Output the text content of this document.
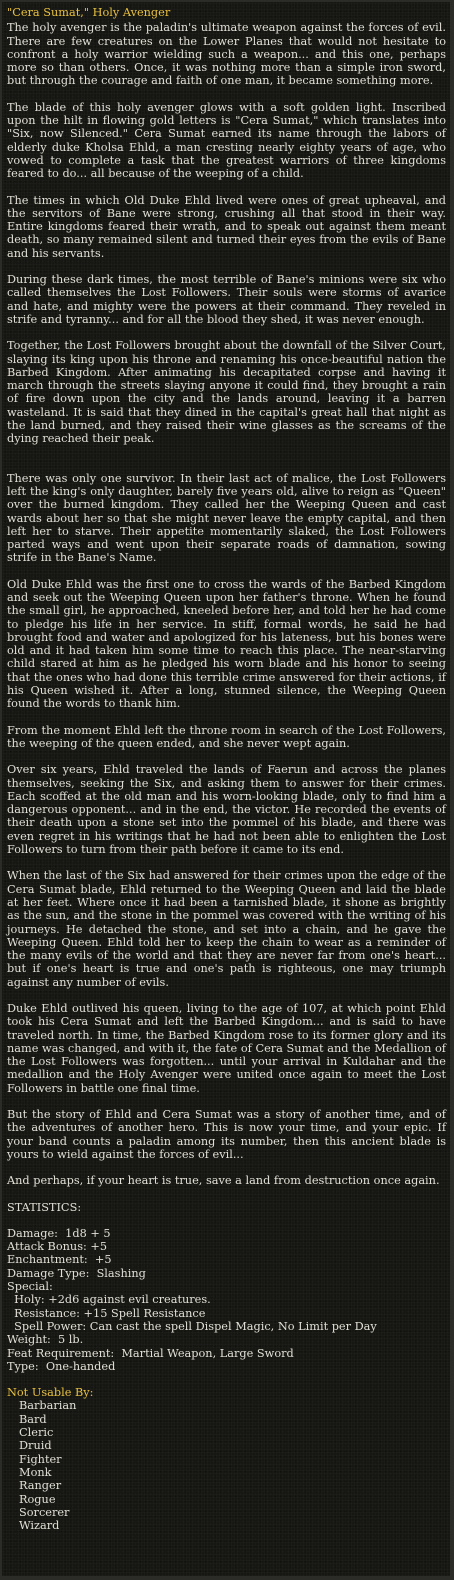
"Cera Sumat," Holy Avenger

The holy avenger is the paladin's ultimate weapon against the forces of evil. There are few creatures on the Lower Planes that would not hesitate to confront a holy warrior wielding such a weapon... and this one, perhaps more so than others. Once, it was nothing more than a simple iron sword, but through the courage and faith of one man, it became something more.

The blade of this holy avenger glows with a soft golden light. Inscribed upon the hilt in flowing gold letters is "Cera Sumat," which translates into "Six, now Silenced." Cera Sumat earned its name through the labors of elderly duke Kholsa Ehld, a man cresting nearly eighty years of age, who vowed to complete a task that the greatest warriors of three kingdoms feared to do... all because of the weeping of a child.

The times in which Old Duke Ehld lived were ones of great upheaval, and the servitors of Bane were strong, crushing all that stood in their way. Entire kingdoms feared their wrath, and to speak out against them meant death, so many remained silent and turned their eyes from the evils of Bane and his servants.

During these dark times, the most terrible of Bane's minions were six who called themselves the Lost Followers. Their souls were storms of avarice and hate, and mighty were the powers at their command. They reveled in strife and tyranny... and for all the blood they shed, it was never enough.

Together, the Lost Followers brought about the downfall of the Silver Court, slaying its king upon his throne and renaming his once-beautiful nation the Barbed Kingdom. After animating his decapitated corpse and having it march through the streets slaying anyone it could find, they brought a rain of fire down upon the city and the lands around, leaving it a barren wasteland. It is said that they dined in the capital's great hall that night as the land burned, and they raised their wine glasses as the screams of the dying reached their peak.

There was only one survivor. In their last act of malice, the Lost Followers left the king's only daughter, barely five years old, alive to reign as "Queen" over the burned kingdom. They called her the Weeping Queen and cast wards about her so that she might never leave the empty capital, and then left her to starve. Their appetite momentarily slaked, the Lost Followers parted ways and went upon their separate roads of damnation, sowing strife in the Bane's Name.

Old Duke Ehld was the first one to cross the wards of the Barbed Kingdom and seek out the Weeping Queen upon her father's throne. When he found the small girl, he approached, kneeled before her, and told her he had come to pledge his life in her service. In stiff, formal words, he said he had brought food and water and apologized for his lateness, but his bones were old and it had taken him some time to reach this place. The near-starving child stared at him as he pledged his worn blade and his honor to seeing that the ones who had done this terrible crime answered for their actions, if his Queen wished it. After a long, stunned silence, the Weeping Queen found the words to thank him.

From the moment Ehld left the throne room in search of the Lost Followers, the weeping of the queen ended, and she never wept again.

Over six years, Ehld traveled the lands of Faerun and across the planes themselves, seeking the Six, and asking them to answer for their crimes. Each scoffed at the old man and his worn-looking blade, only to find him a dangerous opponent... and in the end, the victor. He recorded the events of their death upon a stone set into the pommel of his blade, and there was even regret in his writings that he had not been able to enlighten the Lost Followers to turn from their path before it came to its end.

When the last of the Six had answered for their crimes upon the edge of the Cera Sumat blade, Ehld returned to the Weeping Queen and laid the blade at her feet. Where once it had been a tarnished blade, it shone as brightly as the sun, and the stone in the pommel was covered with the writing of his journeys. He detached the stone, and set into a chain, and he gave the Weeping Queen. Ehld told her to keep the chain to wear as a reminder of the many evils of the world and that they are never far from one's heart... but if one's heart is true and one's path is righteous, one may triumph against any number of evils.

Duke Ehld outlived his queen, living to the age of 107, at which point Ehld took his Cera Sumat and left the Barbed Kingdom... and is said to have traveled north. In time, the Barbed Kingdom rose to its former glory and its name was changed, and with it, the fate of Cera Sumat and the Medallion of the Lost Followers was forgotten... until your arrival in Kuldahar and the medallion and the Holy Avenger were united once again to meet the Lost Followers in battle one final time.

But the story of Ehld and Cera Sumat was a story of another time, and of the adventures of another hero. This is now your time, and your epic. If your band counts a paladin among its number, then this ancient blade is yours to wield against the forces of evil...

And perhaps, if your heart is true, save a land from destruction once again.

STATISTICS:
Damage:  1d8 + 5
Attack Bonus: +5
Enchantment:  +5
Damage Type:  Slashing
Special:
Holy: +2d6 against evil creatures.
Resistance: +15 Spell Resistance
Spell Power: Can cast the spell Dispel Magic, No Limit per Day
Weight:  5 lb.
Feat Requirement:  Martial Weapon, Large Sword
Type:  One-handed
Not Usable By:
Barbarian
Bard
Cleric
Druid
Fighter
Monk
Ranger
Rogue
Sorcerer
Wizard
